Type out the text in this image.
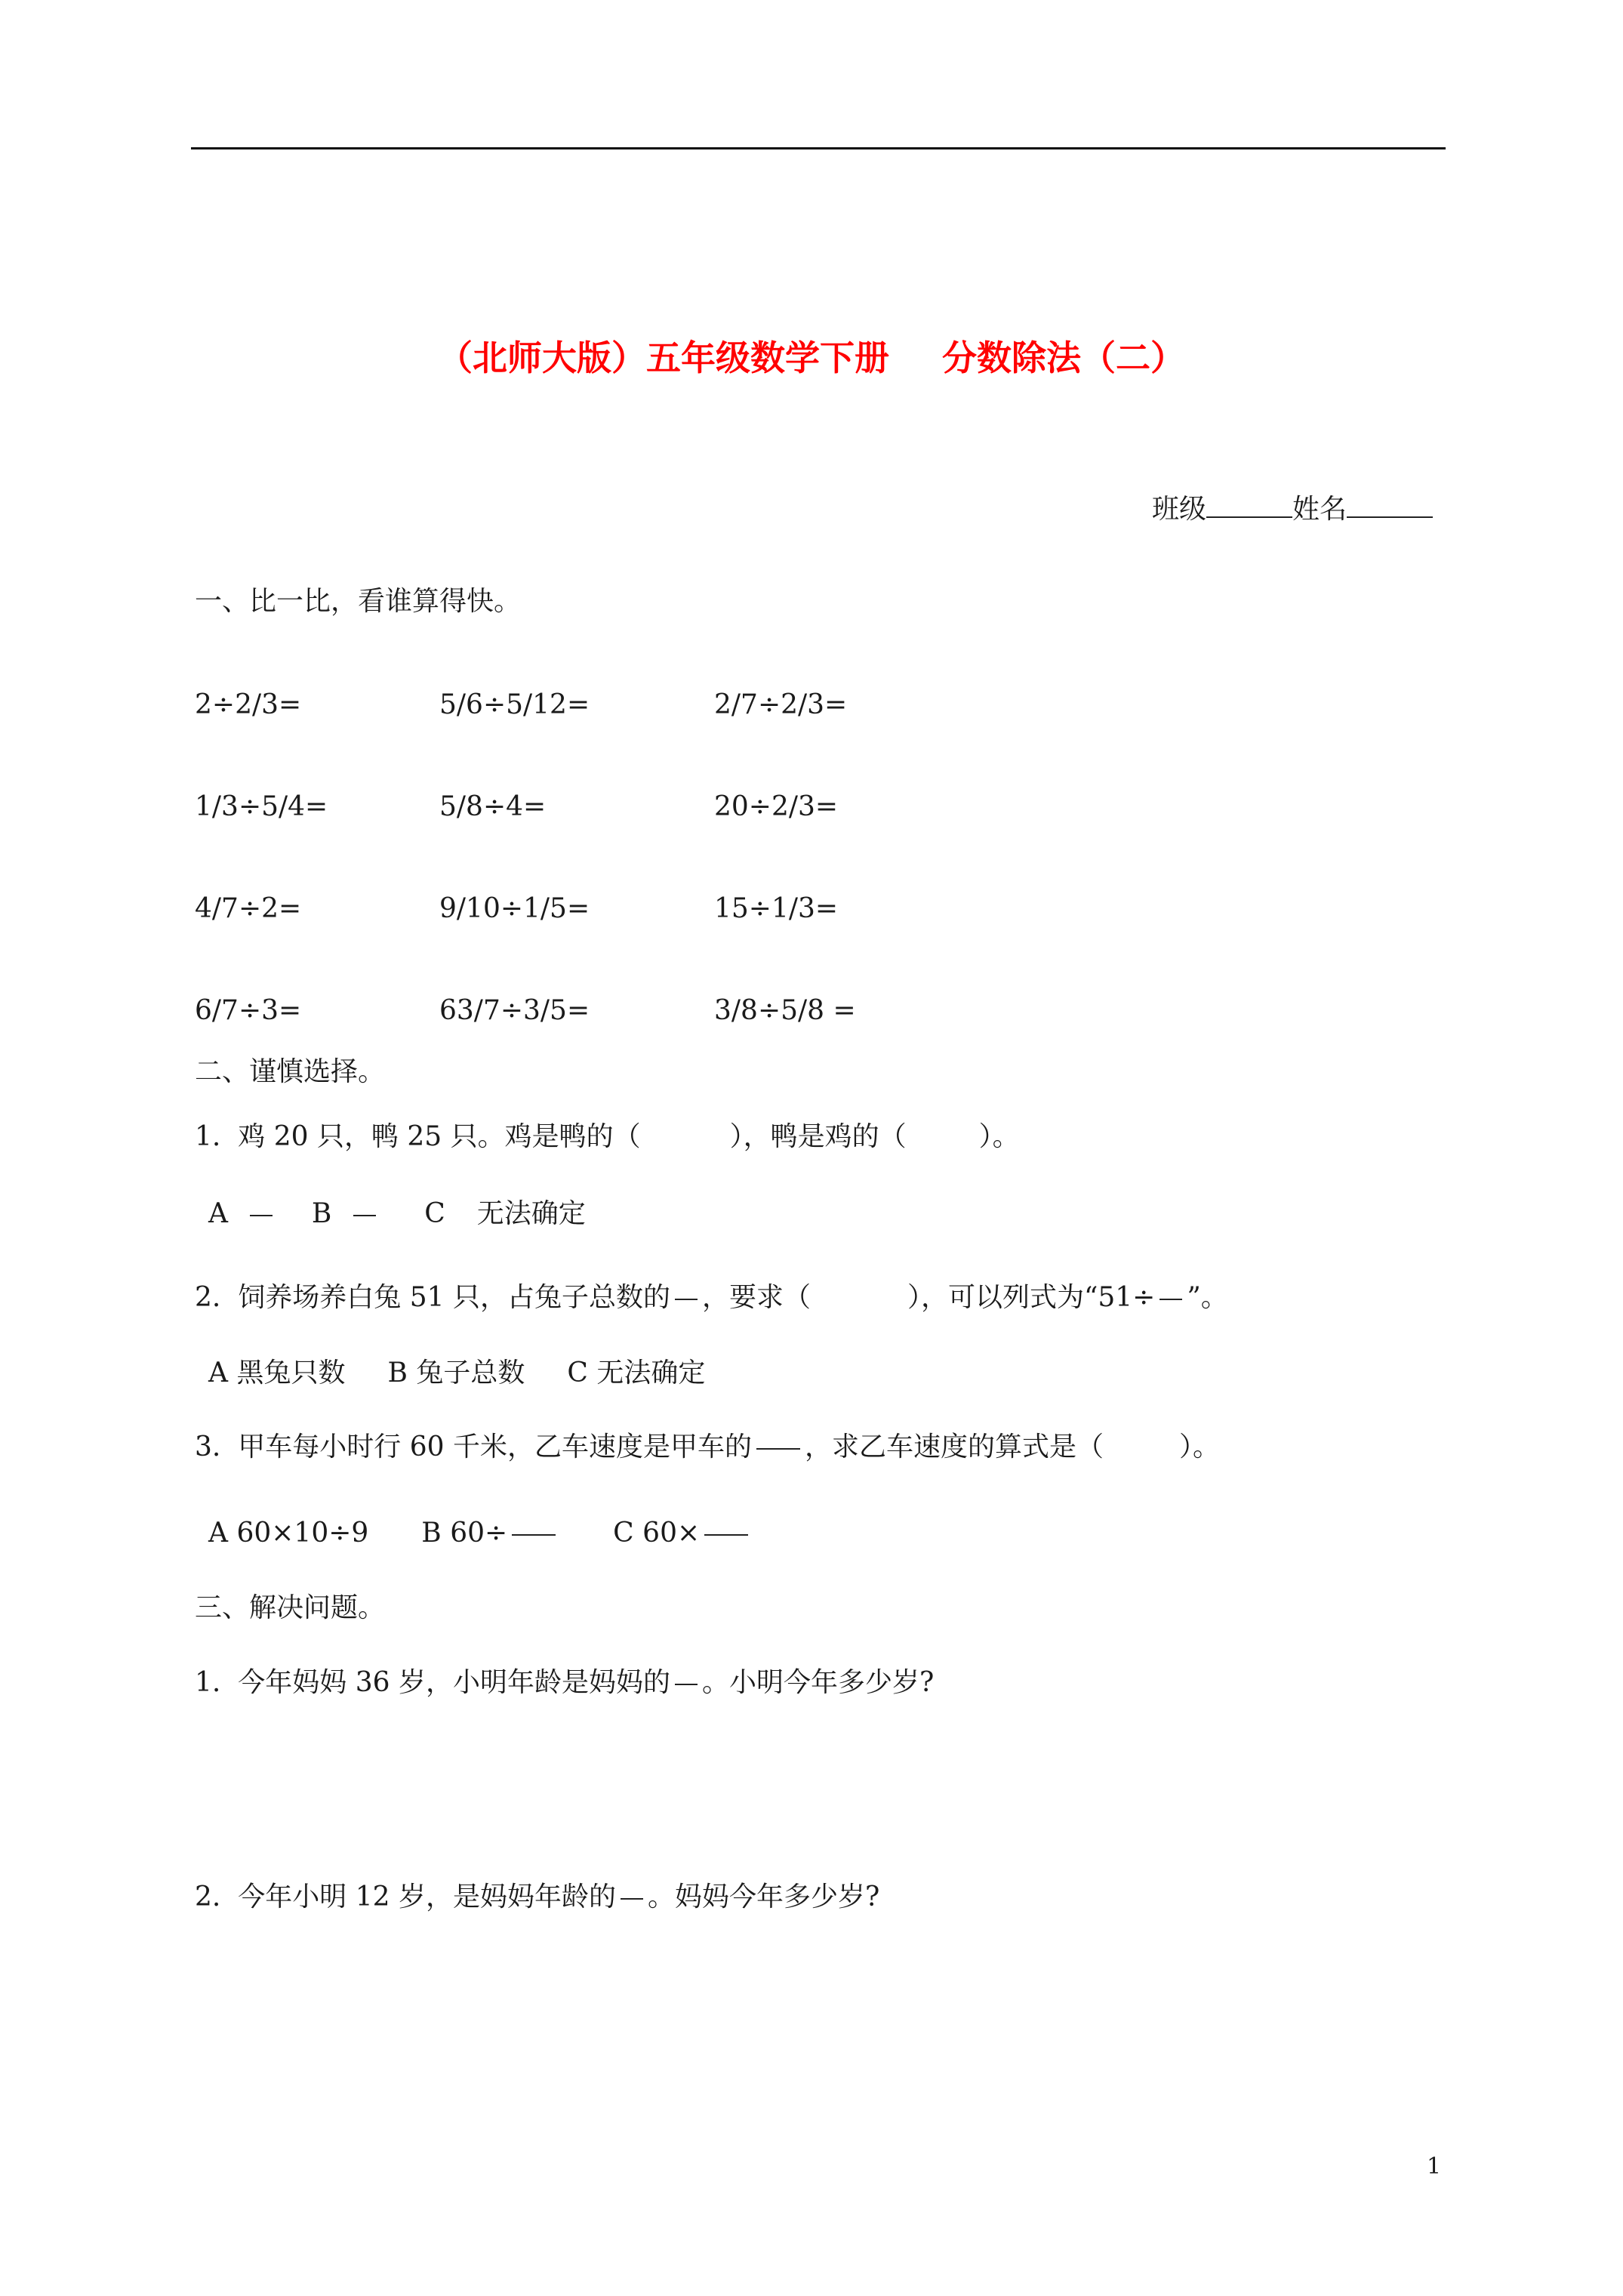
（北师大版）五年级数学下册 分数除法（二）
班级	姓名
一、比一比，看谁算得快。
2÷2/3=	5/6÷5/12=	2/7÷2/3=
1/3÷5/4=	5/8÷4=	20÷2/3=
4/7÷2=	9/10÷1/5=	15÷1/3=
6/7÷3=	63/7÷3/5=	3/8÷5/8 =
二、谨慎选择。
1. 鸡 20 只，鸭 25 只。鸡是鸭的（	），鸭是鸡的（	）。
A	B	C 无法确定
2. 饲养场养白兔 51 只，占兔子总数的 ，要求（	），可以列式为“51÷ ”。
A 黑兔只数 B 兔子总数 C 无法确定
3. 甲车每小时行 60 千米，乙车速度是甲车的 ，求乙车速度的算式是（	）。
A 60×10÷9 B 60÷	C 60×
三、解决问题。
1. 今年妈妈 36 岁，小明年龄是妈妈的 。小明今年多少岁?
2. 今年小明 12 岁，是妈妈年龄的 。妈妈今年多少岁?
1
